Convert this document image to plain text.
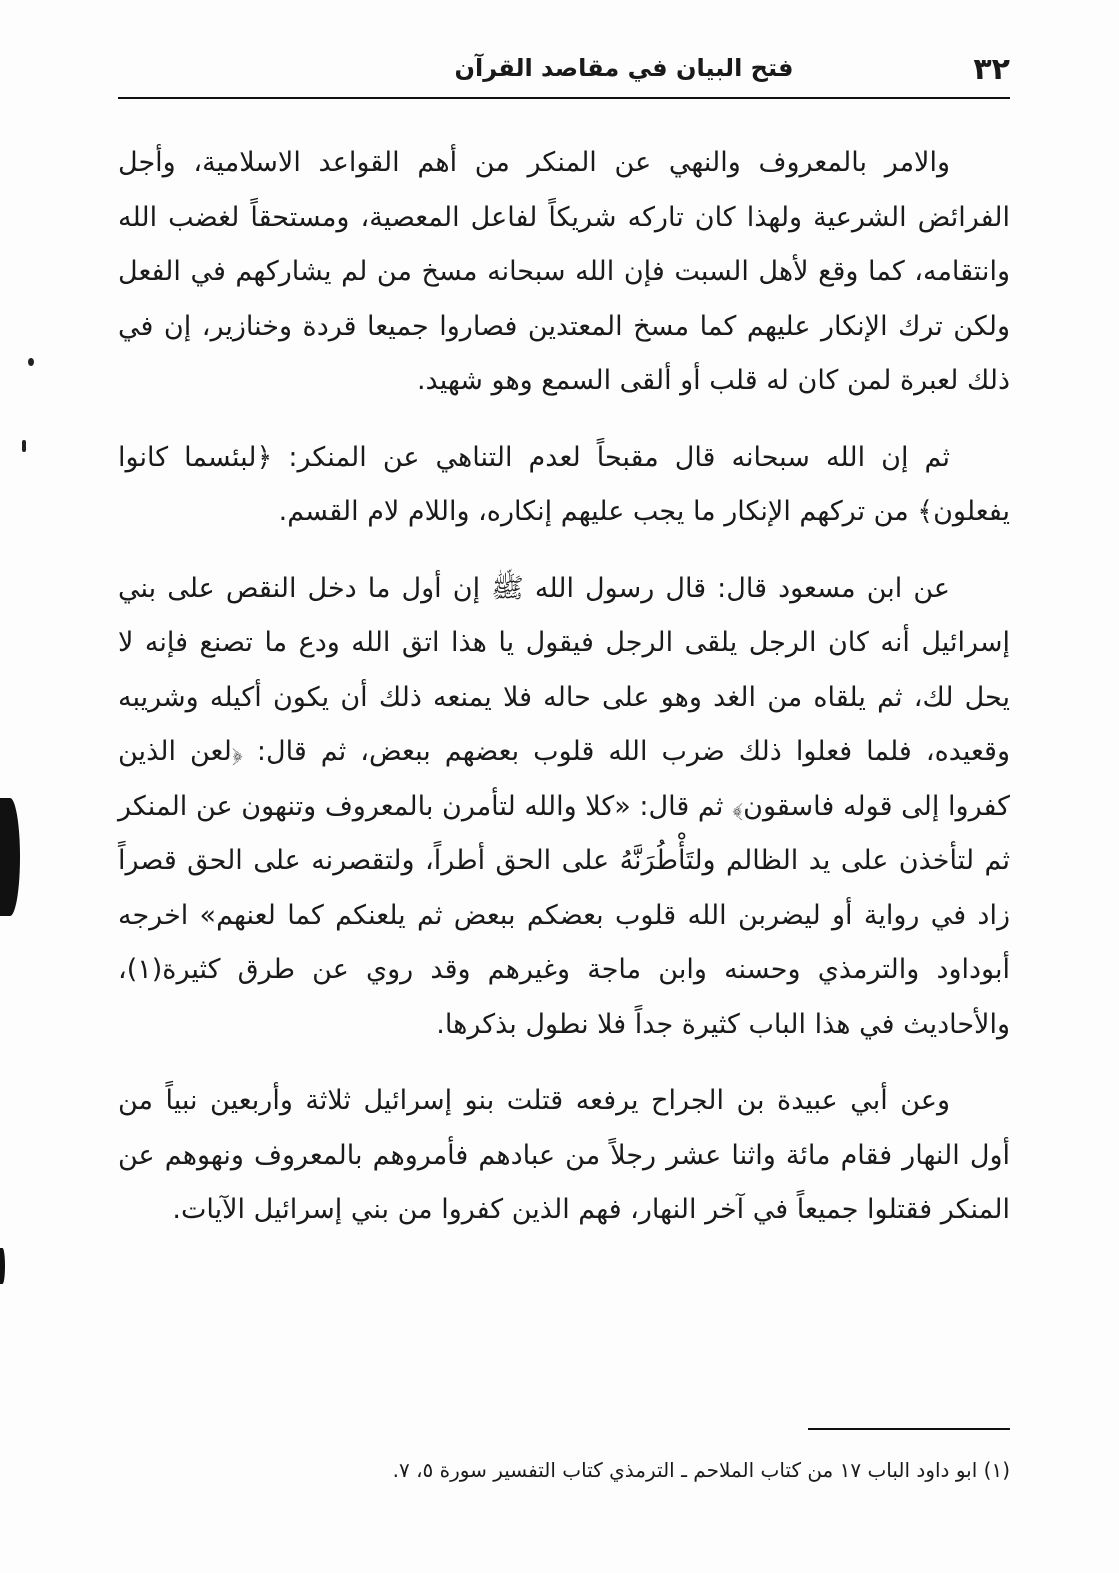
٣٢
فتح البيان في مقاصد القرآن

والامر بالمعروف والنهي عن المنكر من أهم القواعد الاسلامية، وأجل الفرائض الشرعية ولهذا كان تاركه شريكاً لفاعل المعصية، ومستحقاً لغضب الله وانتقامه، كما وقع لأهل السبت فإن الله سبحانه مسخ من لم يشاركهم في الفعل ولكن ترك الإنكار عليهم كما مسخ المعتدين فصاروا جميعا قردة وخنازير، إن في ذلك لعبرة لمن كان له قلب أو ألقى السمع وهو شهيد.

ثم إن الله سبحانه قال مقبحاً لعدم التناهي عن المنكر: ﴿لبئسما كانوا يفعلون﴾ من تركهم الإنكار ما يجب عليهم إنكاره، واللام لام القسم.

عن ابن مسعود قال: قال رسول الله ﷺ إن أول ما دخل النقص على بني إسرائيل أنه كان الرجل يلقى الرجل فيقول يا هذا اتق الله ودع ما تصنع فإنه لا يحل لك، ثم يلقاه من الغد وهو على حاله فلا يمنعه ذلك أن يكون أكيله وشريبه وقعيده، فلما فعلوا ذلك ضرب الله قلوب بعضهم ببعض، ثم قال: ﴿لعن الذين كفروا إلى قوله فاسقون﴾ ثم قال: «كلا والله لتأمرن بالمعروف وتنهون عن المنكر ثم لتأخذن على يد الظالم ولتَأْطُرَنَّهُ على الحق أطراً، ولتقصرنه على الحق قصراً زاد في رواية أو ليضربن الله قلوب بعضكم ببعض ثم يلعنكم كما لعنهم» اخرجه أبوداود والترمذي وحسنه وابن ماجة وغيرهم وقد روي عن طرق كثيرة(١)، والأحاديث في هذا الباب كثيرة جداً فلا نطول بذكرها.

وعن أبي عبيدة بن الجراح يرفعه قتلت بنو إسرائيل ثلاثة وأربعين نبياً من أول النهار فقام مائة واثنا عشر رجلاً من عبادهم فأمروهم بالمعروف ونهوهم عن المنكر فقتلوا جميعاً في آخر النهار، فهم الذين كفروا من بني إسرائيل الآيات.

(١) ابو داود الباب ١٧ من كتاب الملاحم ـ الترمذي كتاب التفسير سورة ٥، ٧.
